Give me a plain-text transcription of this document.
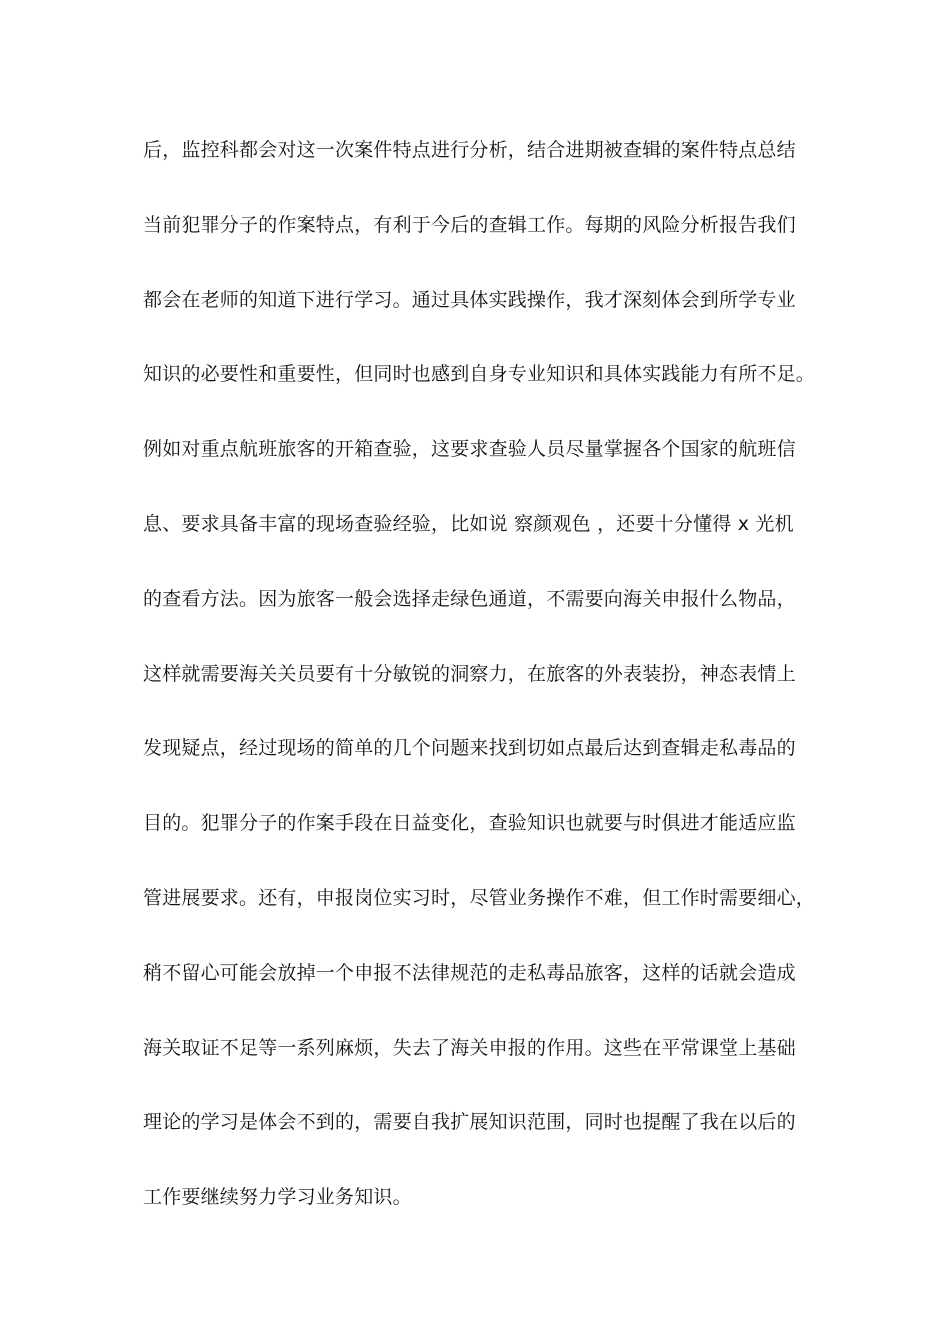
后，监控科都会对这一次案件特点进行分析，结合进期被查辑的案件特点总结
当前犯罪分子的作案特点，有利于今后的查辑工作。每期的风险分析报告我们
都会在老师的知道下进行学习。通过具体实践操作，我才深刻体会到所学专业
知识的必要性和重要性，但同时也感到自身专业知识和具体实践能力有所不足。
例如对重点航班旅客的开箱查验，这要求查验人员尽量掌握各个国家的航班信
息、要求具备丰富的现场查验经验，比如说 察颜观色 ，还要十分懂得 x 光机
的查看方法。因为旅客一般会选择走绿色通道，不需要向海关申报什么物品，
这样就需要海关关员要有十分敏锐的洞察力，在旅客的外表装扮，神态表情上
发现疑点，经过现场的简单的几个问题来找到切如点最后达到查辑走私毒品的
目的。犯罪分子的作案手段在日益变化，查验知识也就要与时俱进才能适应监
管进展要求。还有，申报岗位实习时，尽管业务操作不难，但工作时需要细心，
稍不留心可能会放掉一个申报不法律规范的走私毒品旅客，这样的话就会造成
海关取证不足等一系列麻烦，失去了海关申报的作用。这些在平常课堂上基础
理论的学习是体会不到的，需要自我扩展知识范围，同时也提醒了我在以后的
工作要继续努力学习业务知识。
